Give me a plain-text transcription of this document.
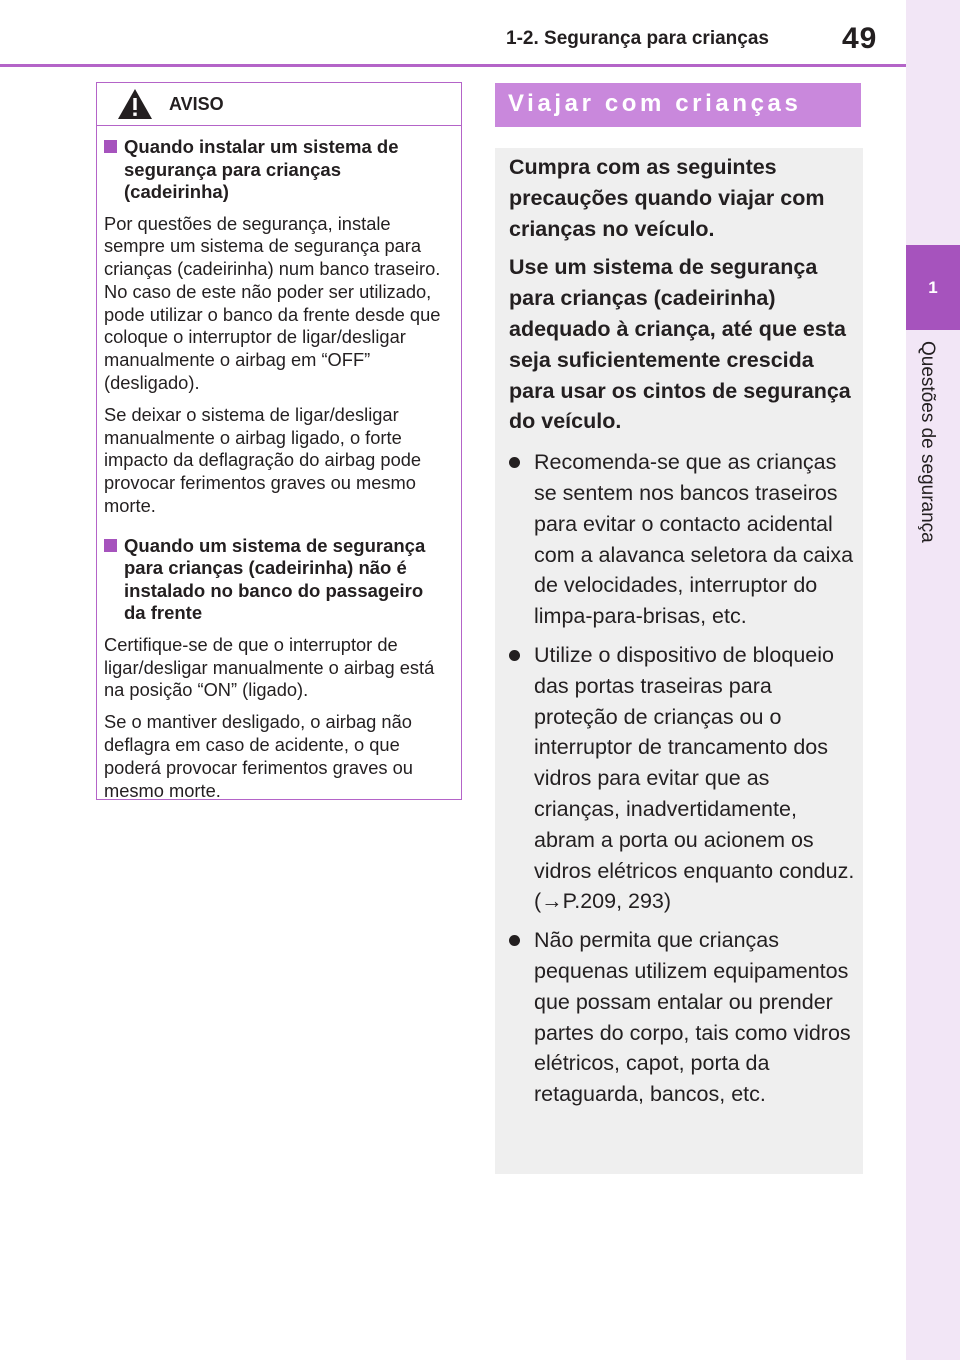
1-2. Segurança para crianças 49
1
Questões de segurança
AVISO
Quando instalar um sistema de segurança para crianças (cadeirinha)

Por questões de segurança, instale sempre um sistema de segurança para crianças (cadeirinha) num banco traseiro. No caso de este não poder ser utilizado, pode utilizar o banco da frente desde que coloque o interruptor de ligar/desligar manualmente o airbag em “OFF” (desligado).

Se deixar o sistema de ligar/desligar manualmente o airbag ligado, o forte impacto da deflagração do airbag pode provocar ferimentos graves ou mesmo morte.

Quando um sistema de segurança para crianças (cadeirinha) não é instalado no banco do passageiro da frente

Certifique-se de que o interruptor de ligar/desligar manualmente o airbag está na posição “ON” (ligado).

Se o mantiver desligado, o airbag não deflagra em caso de acidente, o que poderá provocar ferimentos graves ou mesmo morte.

Viajar com crianças

Cumpra com as seguintes precauções quando viajar com crianças no veículo.

Use um sistema de segurança para crianças (cadeirinha) adequado à criança, até que esta seja suficientemente crescida para usar os cintos de segurança do veículo.

Recomenda-se que as crianças se sentem nos bancos traseiros para evitar o contacto acidental com a alavanca seletora da caixa de velocidades, interruptor do limpa-para-brisas, etc.
Utilize o dispositivo de bloqueio das portas traseiras para proteção de crianças ou o interruptor de trancamento dos vidros para evitar que as crianças, inadvertidamente, abram a porta ou acionem os vidros elétricos enquanto conduz. (→P.209, 293)
Não permita que crianças pequenas utilizem equipamentos que possam entalar ou prender partes do corpo, tais como vidros elétricos, capot, porta da retaguarda, bancos, etc.
